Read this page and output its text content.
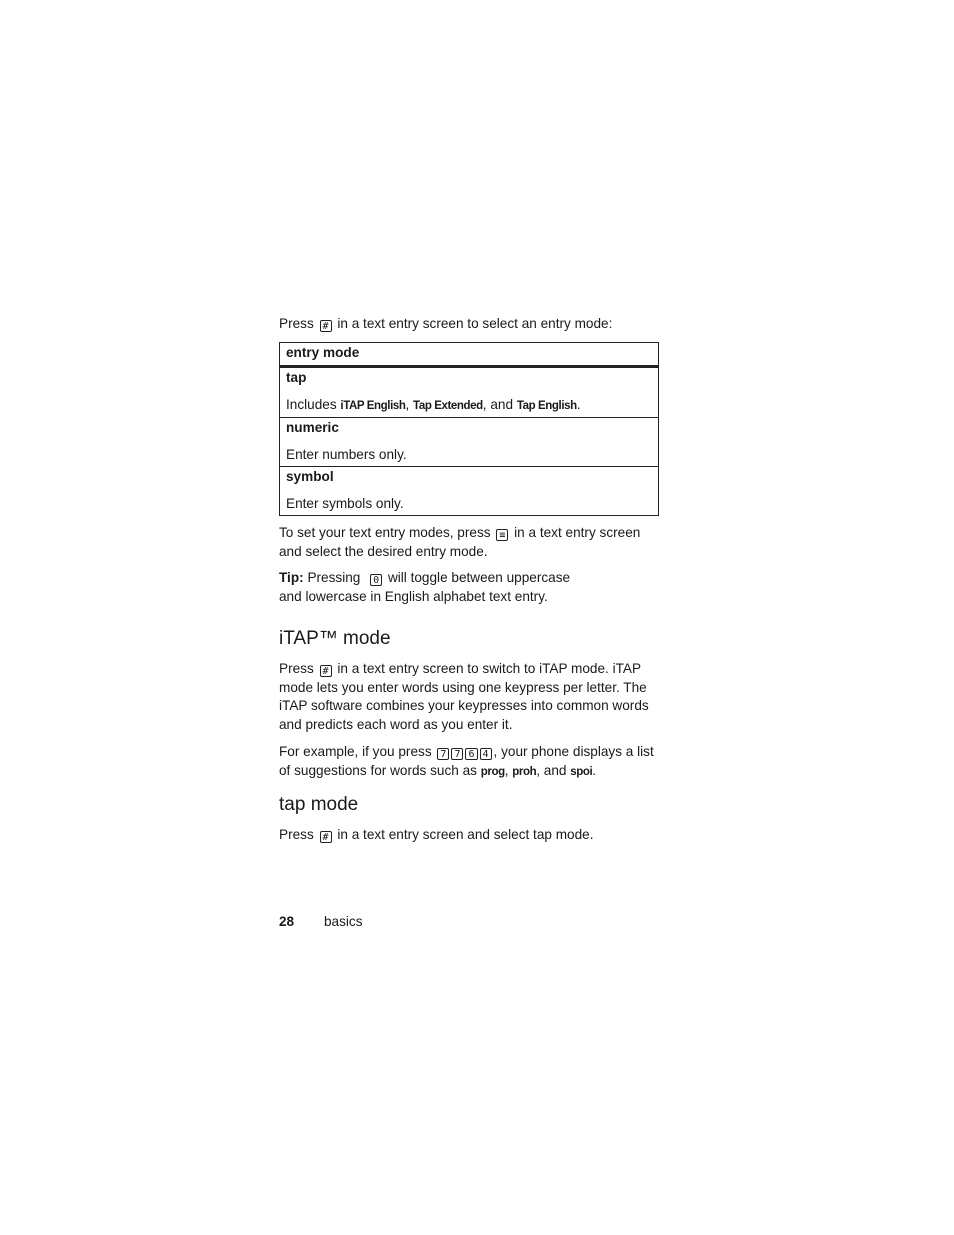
Press # in a text entry screen to select an entry mode:
entry mode

tap
Includes iTAP English, Tap Extended, and Tap English.

numeric
Enter numbers only.

symbol
Enter symbols only.
To set your text entry modes, press ≡ in a text entry screen and select the desired entry mode.
Tip: Pressing 0 will toggle between uppercase
and lowercase in English alphabet text entry.
iTAP™ mode
Press # in a text entry screen to switch to iTAP mode. iTAP mode lets you enter words using one keypress per letter. The iTAP software combines your keypresses into common words and predicts each word as you enter it.
For example, if you press 7 7 6 4 , your phone displays a list of suggestions for words such as prog, proh, and spoi.
tap mode
Press # in a text entry screen and select tap mode.
28 basics
